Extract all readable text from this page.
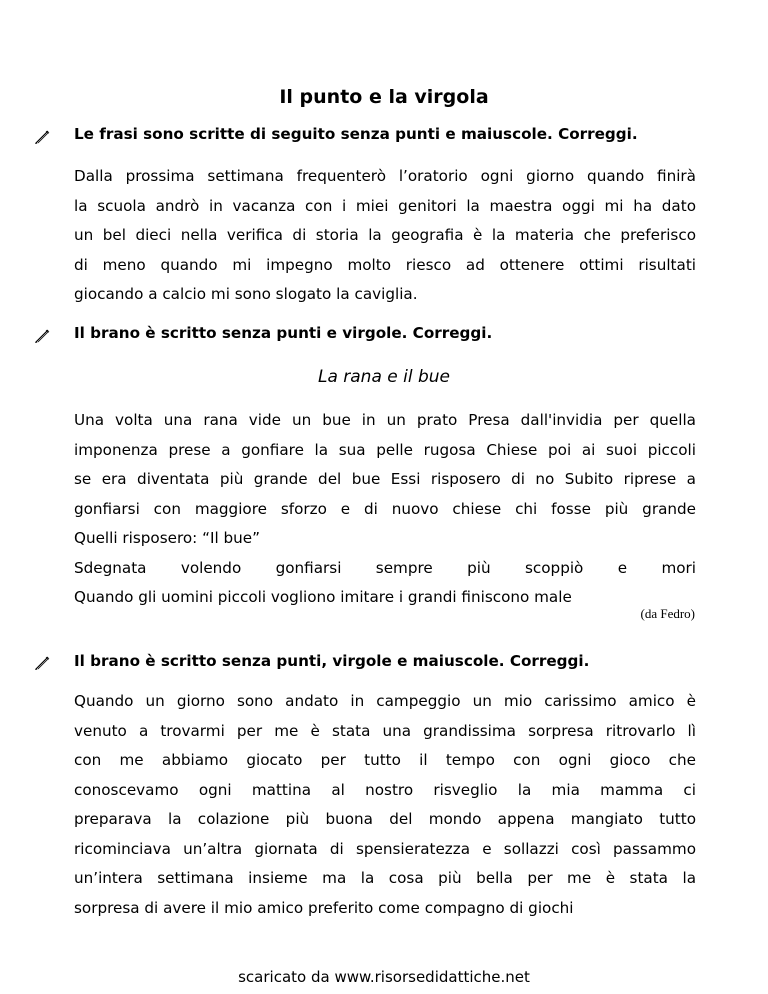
Il punto e la virgola
Le frasi sono scritte di seguito senza punti e maiuscole. Correggi.
Dalla prossima settimana frequenterò l’oratorio ogni giorno quando finirà
la scuola andrò in vacanza con i miei genitori la maestra oggi mi ha dato
un bel dieci nella verifica di storia la geografia è la materia che preferisco
di meno quando mi impegno molto riesco ad ottenere ottimi risultati
giocando a calcio mi sono slogato la caviglia.
Il brano è scritto senza punti e virgole. Correggi.
La rana e il bue
Una volta una rana vide un bue in un prato Presa dall'invidia per quella
imponenza prese a gonfiare la sua pelle rugosa Chiese poi ai suoi piccoli
se era diventata più grande del bue Essi risposero di no Subito riprese a
gonfiarsi con maggiore sforzo e di nuovo chiese chi fosse più grande
Quelli risposero: “Il bue”
Sdegnata volendo gonfiarsi sempre più scoppiò e mori
Quando gli uomini piccoli vogliono imitare i grandi finiscono male
(da Fedro)
Il brano è scritto senza punti, virgole e maiuscole. Correggi.
Quando un giorno sono andato in campeggio un mio carissimo amico è
venuto a trovarmi per me è stata una grandissima sorpresa ritrovarlo lì
con me abbiamo giocato per tutto il tempo con ogni gioco che
conoscevamo ogni mattina al nostro risveglio la mia mamma ci
preparava la colazione più buona del mondo appena mangiato tutto
ricominciava un’altra giornata di spensieratezza e sollazzi così passammo
un’intera settimana insieme ma la cosa più bella per me è stata la
sorpresa di avere il mio amico preferito come compagno di giochi
scaricato da www.risorsedidattiche.net
